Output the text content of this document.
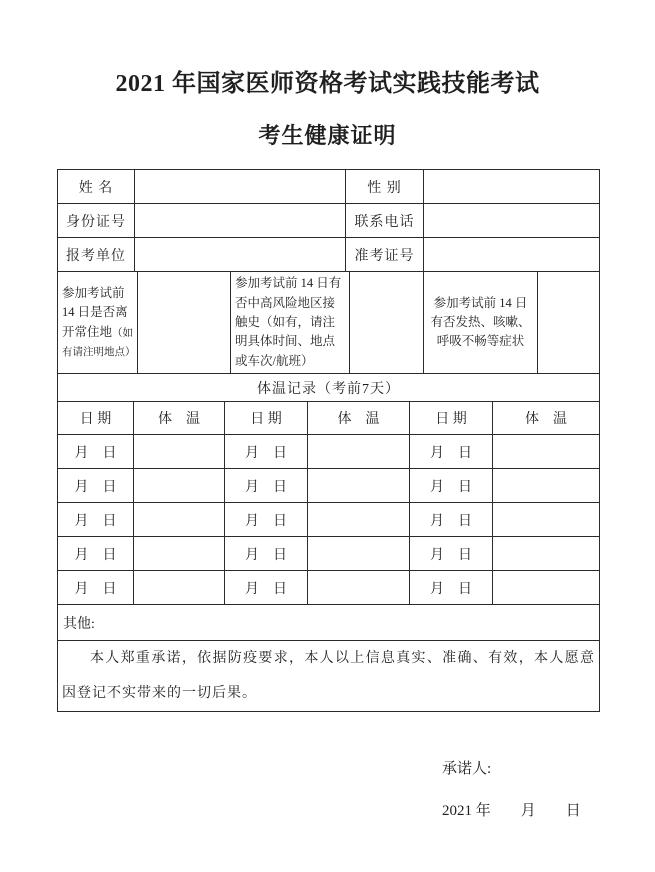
2021 年国家医师资格考试实践技能考试
考生健康证明
姓 名		性 别	
身份证号		联系电话	
报考单位		准考证号	
参加考试前 14 日是否离开常住地（如有请注明地点）		参加考试前 14 日有否中高风险地区接触史（如有，请注明具体时间、地点或车次/航班）		参加考试前 14 日有否发热、咳嗽、呼吸不畅等症状	
体温记录（考前7天）					
日 期	体　温	日 期	体　温	日 期	体　温
月　日		月　日		月　日	
月　日		月　日		月　日	
月　日		月　日		月　日	
月　日		月　日		月　日	
月　日		月　日		月　日	
其他:

本人郑重承诺，依据防疫要求，本人以上信息真实、准确、有效，本人愿意因登记不实带来的一切后果。
承诺人:
2021 年　　月　　日
